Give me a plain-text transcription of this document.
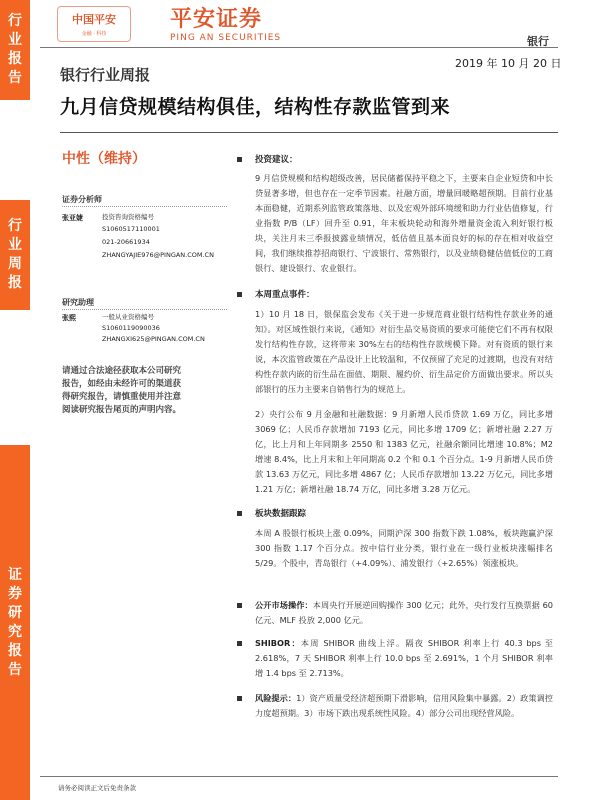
行
业
报
告
行
业
周
报
证
券
研
究
报
告
中国平安
金融 · 科技
平安证券
PING AN SECURITIES	银行
2019 年 10 月 20 日
银行行业周报
九月信贷规模结构俱佳，结构性存款监管到来
中性（维持）
证券分析师
张亚婕	投资咨询资格编号
S1060517110001
021-20661934
ZHANGYAJIE976@PINGAN.COM.CN
研究助理
张熙	一般从业资格编号
S1060119090036
ZHANGXI625@PINGAN.COM.CN
请通过合法途径获取本公司研究报告，如经由未经许可的渠道获得研究报告，请慎重使用并注意阅读研究报告尾页的声明内容。
投资建议：
9 月信贷规模和结构超级改善，居民储蓄保持平稳之下，主要来自企业短贷和中长贷显著多增，但也存在一定季节因素。社融方面，增量回暖略超预期。目前行业基本面稳健，近期系列监管政策落地、以及宏观外部环境缓和助力行业估值修复，行业指数 P/B（LF）回升至 0.91，年末板块轮动和海外增量资金流入利好银行板块，关注月末三季报披露业绩情况，低估值且基本面良好的标的存在相对收益空间，我们继续推荐招商银行、宁波银行、常熟银行，以及业绩稳健估值低位的工商银行、建设银行、农业银行。
本周重点事件：
1）10 月 18 日，银保监会发布《关于进一步规范商业银行结构性存款业务的通知》。对区域性银行来说，《通知》对衍生品交易资质的要求可能使它们不再有权限发行结构性存款，这将带来 30%左右的结构性存款规模下降。对有资质的银行来说，本次监管政策在产品设计上比较温和，不仅预留了充足的过渡期，也没有对结构性存款内嵌的衍生品在面值、期限、履约价、衍生品定价方面做出要求。所以头部银行的压力主要来自销售行为的规范上。
2）央行公布 9 月金融和社融数据：9 月新增人民币贷款 1.69 万亿，同比多增 3069 亿；人民币存款增加 7193 亿元，同比多增 1709 亿；新增社融 2.27 万亿，比上月和上年同期多 2550 和 1383 亿元，社融余额同比增速 10.8%；M2 增速 8.4%，比上月末和上年同期高 0.2 个和 0.1 个百分点。1-9 月新增人民币贷款 13.63 万亿元，同比多增 4867 亿；人民币存款增加 13.22 万亿元，同比多增 1.21 万亿；新增社融 18.74 万亿，同比多增 3.28 万亿元。
板块数据跟踪
本周 A 股银行板块上涨 0.09%，同期沪深 300 指数下跌 1.08%，板块跑赢沪深 300 指数 1.17 个百分点。按中信行业分类，银行业在一级行业板块涨幅排名 5/29。个股中，青岛银行（+4.09%）、浦发银行（+2.65%）领涨板块。
公开市场操作：本周央行开展逆回购操作 300 亿元；此外，央行发行互换票据 60 亿元、MLF 投放 2,000 亿元。
SHIBOR：本周 SHIBOR 曲线上浮。隔夜 SHIBOR 利率上行 40.3 bps 至 2.618%，7 天 SHIBOR 利率上行 10.0 bps 至 2.691%，1 个月 SHIBOR 利率增 1.4 bps 至 2.713%。
风险提示：1）资产质量受经济超预期下滑影响，信用风险集中暴露。2）政策调控力度超预期。3）市场下跌出现系统性风险。4）部分公司出现经营风险。
请务必阅读正文后免责条款
